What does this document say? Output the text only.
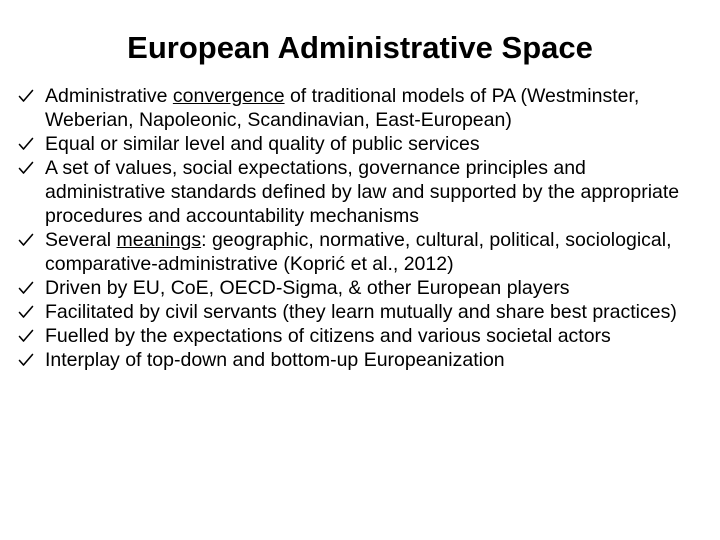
European Administrative Space
Administrative convergence of traditional models of PA (Westminster, Weberian, Napoleonic, Scandinavian, East-European)
Equal or similar level and quality of public services
A set of values, social expectations, governance principles and administrative standards defined by law and supported by the appropriate procedures and accountability mechanisms
Several meanings: geographic, normative, cultural, political, sociological, comparative-administrative (Koprić et al., 2012)
Driven by EU, CoE, OECD-Sigma, & other European players
Facilitated by civil servants (they learn mutually and share best practices)
Fuelled by the expectations of citizens and various societal actors
Interplay of top-down and bottom-up Europeanization
